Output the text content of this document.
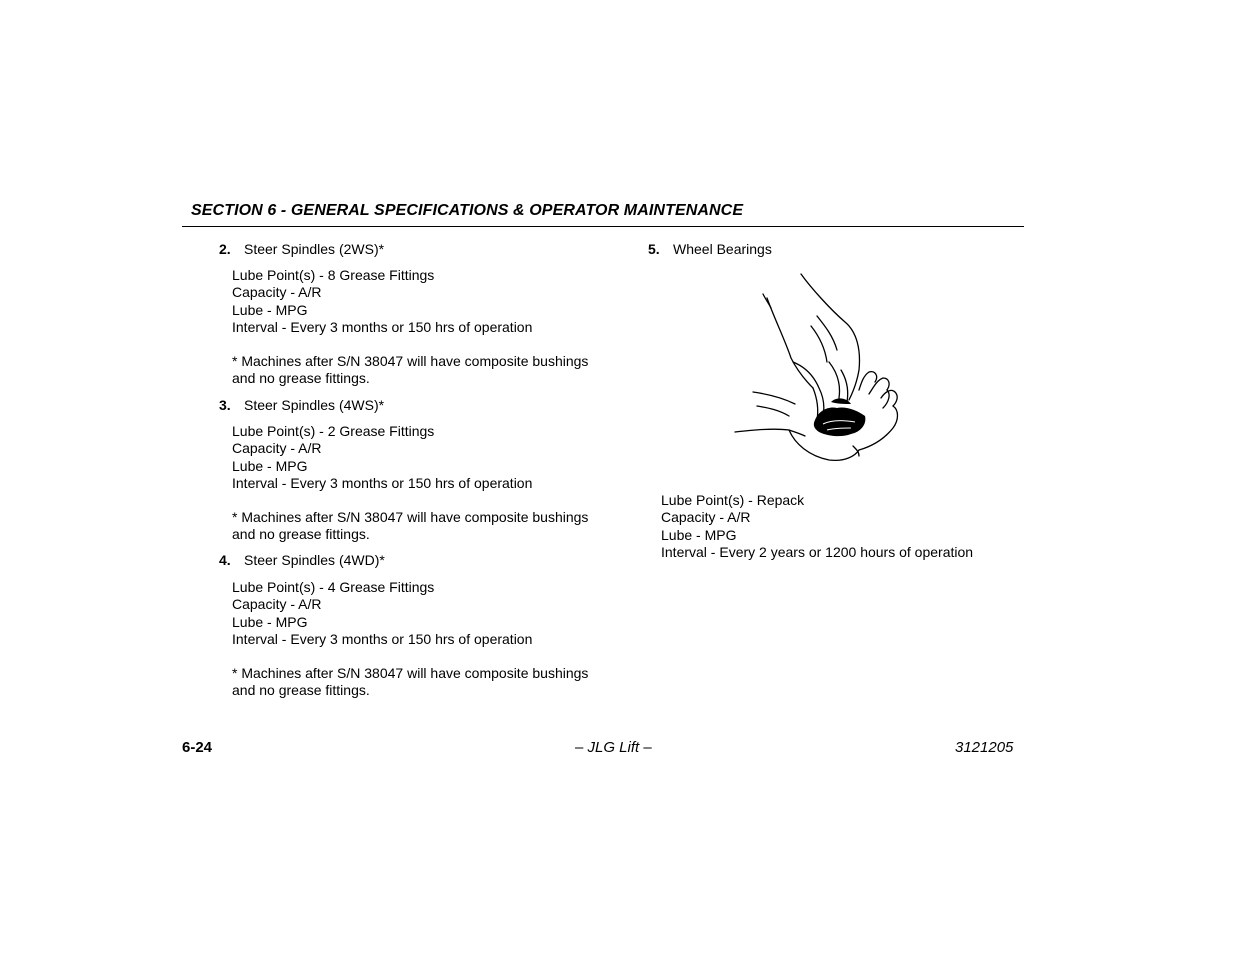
SECTION 6 - GENERAL SPECIFICATIONS & OPERATOR MAINTENANCE
2. Steer Spindles (2WS)*
Lube Point(s) - 8 Grease Fittings
Capacity - A/R
Lube - MPG
Interval - Every 3 months or 150 hrs of operation
* Machines after S/N 38047 will have composite bushings
and no grease fittings.
3. Steer Spindles (4WS)*
Lube Point(s) - 2 Grease Fittings
Capacity - A/R
Lube - MPG
Interval - Every 3 months or 150 hrs of operation
* Machines after S/N 38047 will have composite bushings
and no grease fittings.
4. Steer Spindles (4WD)*
Lube Point(s) - 4 Grease Fittings
Capacity - A/R
Lube - MPG
Interval - Every 3 months or 150 hrs of operation
* Machines after S/N 38047 will have composite bushings
and no grease fittings.
5. Wheel Bearings
Lube Point(s) - Repack
Capacity - A/R
Lube - MPG
Interval - Every 2 years or 1200 hours of operation
6-24	– JLG Lift –	3121205
